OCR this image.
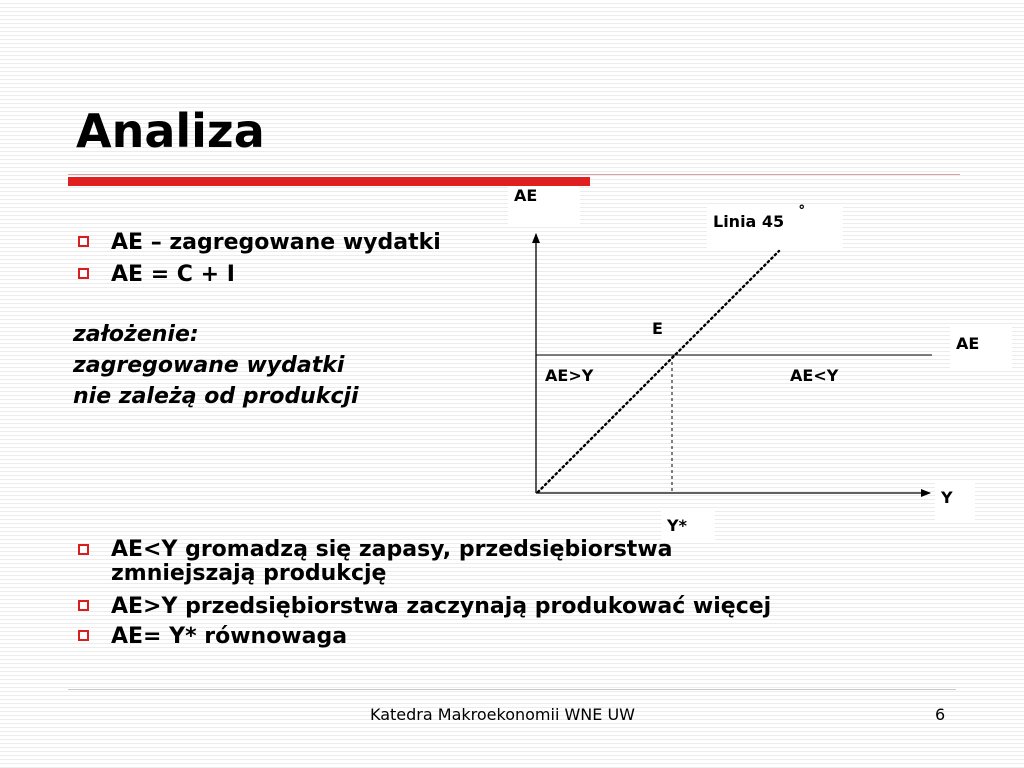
Analiza
AE – zagregowane wydatki
AE = C + I
założenie:
zagregowane wydatki
nie zależą od produkcji
AE
Linia 45 ˚
E
AE
AE>Y	AE<Y
Y
Y*
AE<Y gromadzą się zapasy, przedsiębiorstwa
zmniejszają produkcję
AE>Y przedsiębiorstwa zaczynają produkować więcej
AE= Y* równowaga
Katedra Makroekonomii WNE UW	6
